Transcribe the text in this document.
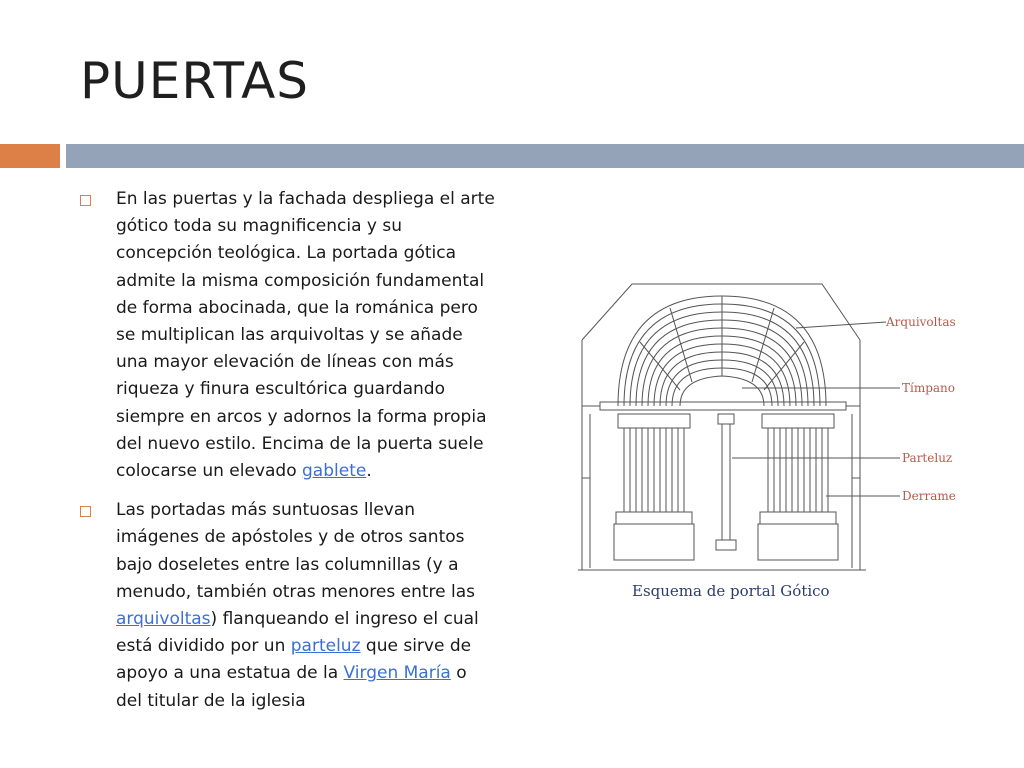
PUERTAS
En las puertas y la fachada despliega el arte gótico toda su magnificencia y su concepción teológica. La portada gótica admite la misma composición fundamental de forma abocinada, que la románica pero se multiplican las arquivoltas y se añade una mayor elevación de líneas con más riqueza y finura escultórica guardando siempre en arcos y adornos la forma propia del nuevo estilo. Encima de la puerta suele colocarse un elevado gablete.
Las portadas más suntuosas llevan imágenes de apóstoles y de otros santos bajo doseletes entre las columnillas (y a menudo, también otras menores entre las arquivoltas) flanqueando el ingreso el cual está dividido por un parteluz que sirve de apoyo a una estatua de la Virgen María o del titular de la iglesia
Arquivoltas
Tímpano
Parteluz
Derrame
Esquema de portal Gótico
